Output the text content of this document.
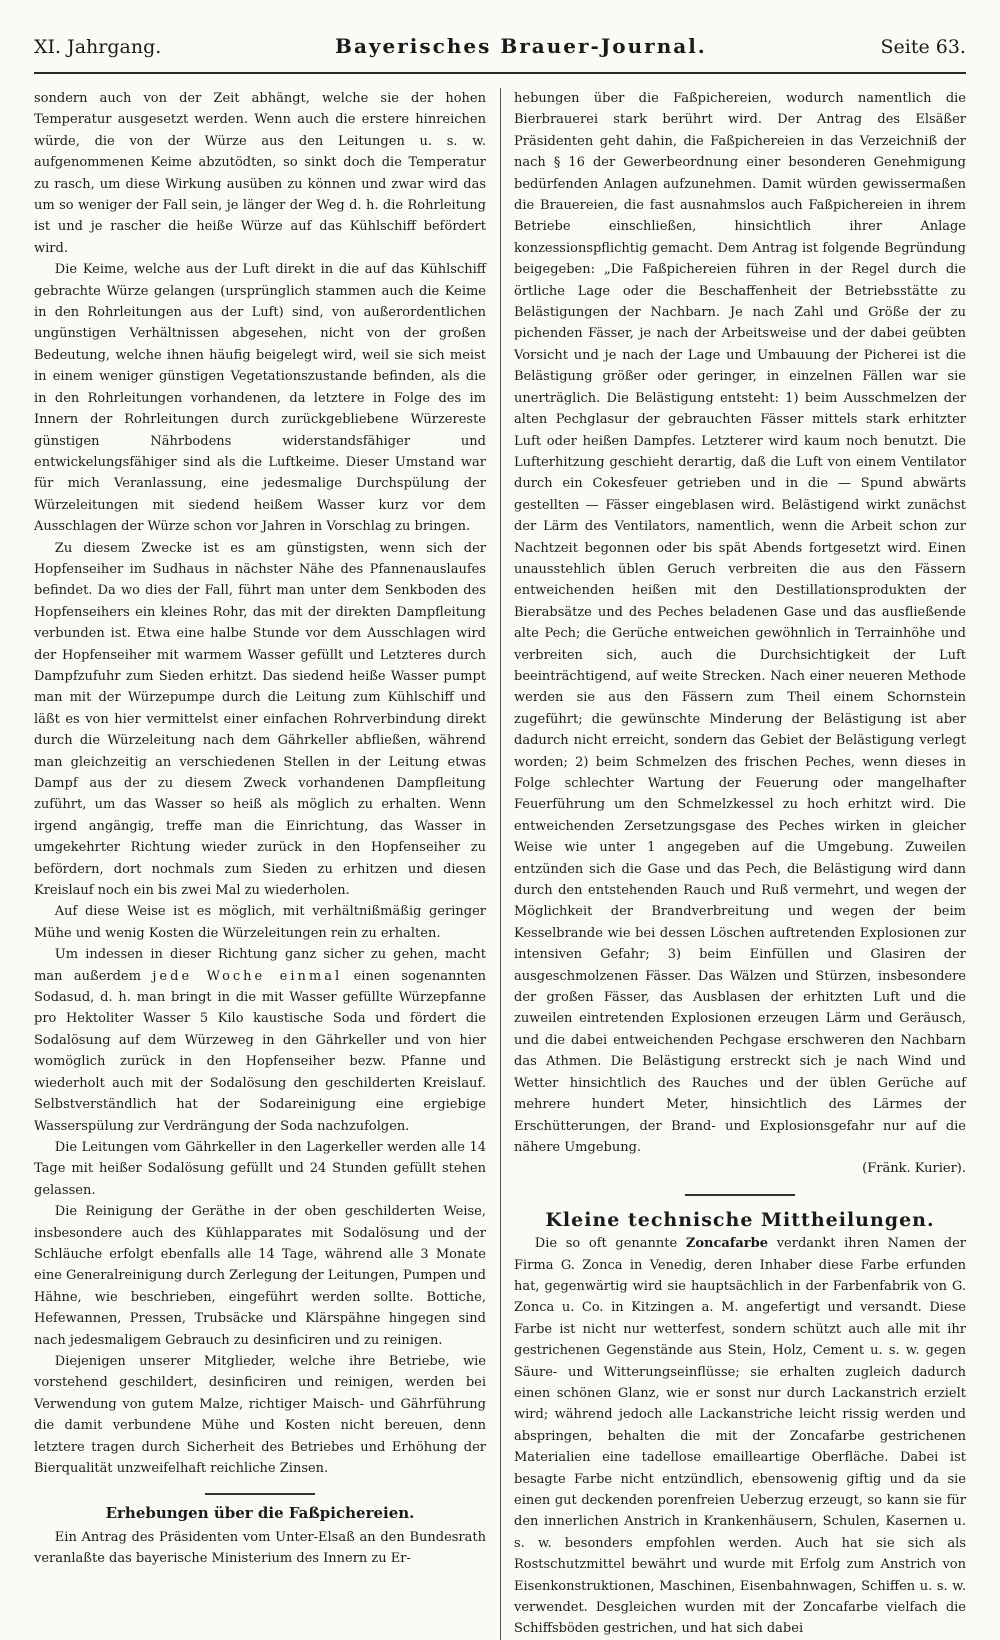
XI. Jahrgang.	Bayerisches Brauer-Journal.	Seite 63.

sondern auch von der Zeit abhängt, welche sie der hohen Temperatur ausgesetzt werden. Wenn auch die erstere hinreichen würde, die von der Würze aus den Leitungen u. s. w. aufgenommenen Keime abzutödten, so sinkt doch die Temperatur zu rasch, um diese Wirkung ausüben zu können und zwar wird das um so weniger der Fall sein, je länger der Weg d. h. die Rohrleitung ist und je rascher die heiße Würze auf das Kühlschiff befördert wird.

Die Keime, welche aus der Luft direkt in die auf das Kühlschiff gebrachte Würze gelangen (ursprünglich stammen auch die Keime in den Rohrleitungen aus der Luft) sind, von außerordentlichen ungünstigen Verhältnissen abgesehen, nicht von der großen Bedeutung, welche ihnen häufig beigelegt wird, weil sie sich meist in einem weniger günstigen Vegetationszustande befinden, als die in den Rohrleitungen vorhandenen, da letztere in Folge des im Innern der Rohrleitungen durch zurückgebliebene Würzereste günstigen Nährbodens widerstandsfähiger und entwickelungsfähiger sind als die Luftkeime. Dieser Umstand war für mich Veranlassung, eine jedesmalige Durchspülung der Würzeleitungen mit siedend heißem Wasser kurz vor dem Ausschlagen der Würze schon vor Jahren in Vorschlag zu bringen.

Zu diesem Zwecke ist es am günstigsten, wenn sich der Hopfenseiher im Sudhaus in nächster Nähe des Pfannenauslaufes befindet. Da wo dies der Fall, führt man unter dem Senkboden des Hopfenseihers ein kleines Rohr, das mit der direkten Dampfleitung verbunden ist. Etwa eine halbe Stunde vor dem Ausschlagen wird der Hopfenseiher mit warmem Wasser gefüllt und Letzteres durch Dampfzufuhr zum Sieden erhitzt. Das siedend heiße Wasser pumpt man mit der Würzepumpe durch die Leitung zum Kühlschiff und läßt es von hier vermittelst einer einfachen Rohrverbindung direkt durch die Würzeleitung nach dem Gährkeller abfließen, während man gleichzeitig an verschiedenen Stellen in der Leitung etwas Dampf aus der zu diesem Zweck vorhandenen Dampfleitung zuführt, um das Wasser so heiß als möglich zu erhalten. Wenn irgend angängig, treffe man die Einrichtung, das Wasser in umgekehrter Richtung wieder zurück in den Hopfenseiher zu befördern, dort nochmals zum Sieden zu erhitzen und diesen Kreislauf noch ein bis zwei Mal zu wiederholen.

Auf diese Weise ist es möglich, mit verhältnißmäßig geringer Mühe und wenig Kosten die Würzeleitungen rein zu erhalten.

Um indessen in dieser Richtung ganz sicher zu gehen, macht man außerdem jede Woche einmal einen sogenannten Sodasud, d. h. man bringt in die mit Wasser gefüllte Würzepfanne pro Hektoliter Wasser 5 Kilo kaustische Soda und fördert die Sodalösung auf dem Würzeweg in den Gährkeller und von hier womöglich zurück in den Hopfenseiher bezw. Pfanne und wiederholt auch mit der Sodalösung den geschilderten Kreislauf. Selbstverständlich hat der Sodareinigung eine ergiebige Wasserspülung zur Verdrängung der Soda nachzufolgen.

Die Leitungen vom Gährkeller in den Lagerkeller werden alle 14 Tage mit heißer Sodalösung gefüllt und 24 Stunden gefüllt stehen gelassen.

Die Reinigung der Geräthe in der oben geschilderten Weise, insbesondere auch des Kühlapparates mit Sodalösung und der Schläuche erfolgt ebenfalls alle 14 Tage, während alle 3 Monate eine Generalreinigung durch Zerlegung der Leitungen, Pumpen und Hähne, wie beschrieben, eingeführt werden sollte. Bottiche, Hefewannen, Pressen, Trubsäcke und Klärspähne hingegen sind nach jedesmaligem Gebrauch zu desinficiren und zu reinigen.

Diejenigen unserer Mitglieder, welche ihre Betriebe, wie vorstehend geschildert, desinficiren und reinigen, werden bei Verwendung von gutem Malze, richtiger Maisch- und Gährführung die damit verbundene Mühe und Kosten nicht bereuen, denn letztere tragen durch Sicherheit des Betriebes und Erhöhung der Bierqualität unzweifelhaft reichliche Zinsen.

Erhebungen über die Faßpichereien.

Ein Antrag des Präsidenten vom Unter-Elsaß an den Bundesrath veranlaßte das bayerische Ministerium des Innern zu Er-

hebungen über die Faßpichereien, wodurch namentlich die Bierbrauerei stark berührt wird. Der Antrag des Elsäßer Präsidenten geht dahin, die Faßpichereien in das Verzeichniß der nach § 16 der Gewerbeordnung einer besonderen Genehmigung bedürfenden Anlagen aufzunehmen. Damit würden gewissermaßen die Brauereien, die fast ausnahmslos auch Faßpichereien in ihrem Betriebe einschließen, hinsichtlich ihrer Anlage konzessionspflichtig gemacht. Dem Antrag ist folgende Begründung beigegeben: „Die Faßpichereien führen in der Regel durch die örtliche Lage oder die Beschaffenheit der Betriebsstätte zu Belästigungen der Nachbarn. Je nach Zahl und Größe der zu pichenden Fässer, je nach der Arbeitsweise und der dabei geübten Vorsicht und je nach der Lage und Umbauung der Picherei ist die Belästigung größer oder geringer, in einzelnen Fällen war sie unerträglich. Die Belästigung entsteht: 1) beim Ausschmelzen der alten Pechglasur der gebrauchten Fässer mittels stark erhitzter Luft oder heißen Dampfes. Letzterer wird kaum noch benutzt. Die Lufterhitzung geschieht derartig, daß die Luft von einem Ventilator durch ein Cokesfeuer getrieben und in die — Spund abwärts gestellten — Fässer eingeblasen wird. Belästigend wirkt zunächst der Lärm des Ventilators, namentlich, wenn die Arbeit schon zur Nachtzeit begonnen oder bis spät Abends fortgesetzt wird. Einen unausstehlich üblen Geruch verbreiten die aus den Fässern entweichenden heißen mit den Destillationsprodukten der Bierabsätze und des Peches beladenen Gase und das ausfließende alte Pech; die Gerüche entweichen gewöhnlich in Terrainhöhe und verbreiten sich, auch die Durchsichtigkeit der Luft beeinträchtigend, auf weite Strecken. Nach einer neueren Methode werden sie aus den Fässern zum Theil einem Schornstein zugeführt; die gewünschte Minderung der Belästigung ist aber dadurch nicht erreicht, sondern das Gebiet der Belästigung verlegt worden; 2) beim Schmelzen des frischen Peches, wenn dieses in Folge schlechter Wartung der Feuerung oder mangelhafter Feuerführung um den Schmelzkessel zu hoch erhitzt wird. Die entweichenden Zersetzungsgase des Peches wirken in gleicher Weise wie unter 1 angegeben auf die Umgebung. Zuweilen entzünden sich die Gase und das Pech, die Belästigung wird dann durch den entstehenden Rauch und Ruß vermehrt, und wegen der Möglichkeit der Brandverbreitung und wegen der beim Kesselbrande wie bei dessen Löschen auftretenden Explosionen zur intensiven Gefahr; 3) beim Einfüllen und Glasiren der ausgeschmolzenen Fässer. Das Wälzen und Stürzen, insbesondere der großen Fässer, das Ausblasen der erhitzten Luft und die zuweilen eintretenden Explosionen erzeugen Lärm und Geräusch, und die dabei entweichenden Pechgase erschweren den Nachbarn das Athmen. Die Belästigung erstreckt sich je nach Wind und Wetter hinsichtlich des Rauches und der üblen Gerüche auf mehrere hundert Meter, hinsichtlich des Lärmes der Erschütterungen, der Brand- und Explosionsgefahr nur auf die nähere Umgebung.

(Fränk. Kurier).

Kleine technische Mittheilungen.

Die so oft genannte Zoncafarbe verdankt ihren Namen der Firma G. Zonca in Venedig, deren Inhaber diese Farbe erfunden hat, gegenwärtig wird sie hauptsächlich in der Farbenfabrik von G. Zonca u. Co. in Kitzingen a. M. angefertigt und versandt. Diese Farbe ist nicht nur wetterfest, sondern schützt auch alle mit ihr gestrichenen Gegenstände aus Stein, Holz, Cement u. s. w. gegen Säure- und Witterungseinflüsse; sie erhalten zugleich dadurch einen schönen Glanz, wie er sonst nur durch Lackanstrich erzielt wird; während jedoch alle Lackanstriche leicht rissig werden und abspringen, behalten die mit der Zoncafarbe gestrichenen Materialien eine tadellose emailleartige Oberfläche. Dabei ist besagte Farbe nicht entzündlich, ebensowenig giftig und da sie einen gut deckenden porenfreien Ueberzug erzeugt, so kann sie für den innerlichen Anstrich in Krankenhäusern, Schulen, Kasernen u. s. w. besonders empfohlen werden. Auch hat sie sich als Rostschutzmittel bewährt und wurde mit Erfolg zum Anstrich von Eisenkonstruktionen, Maschinen, Eisenbahnwagen, Schiffen u. s. w. verwendet. Desgleichen wurden mit der Zoncafarbe vielfach die Schiffsböden gestrichen, und hat sich dabei
